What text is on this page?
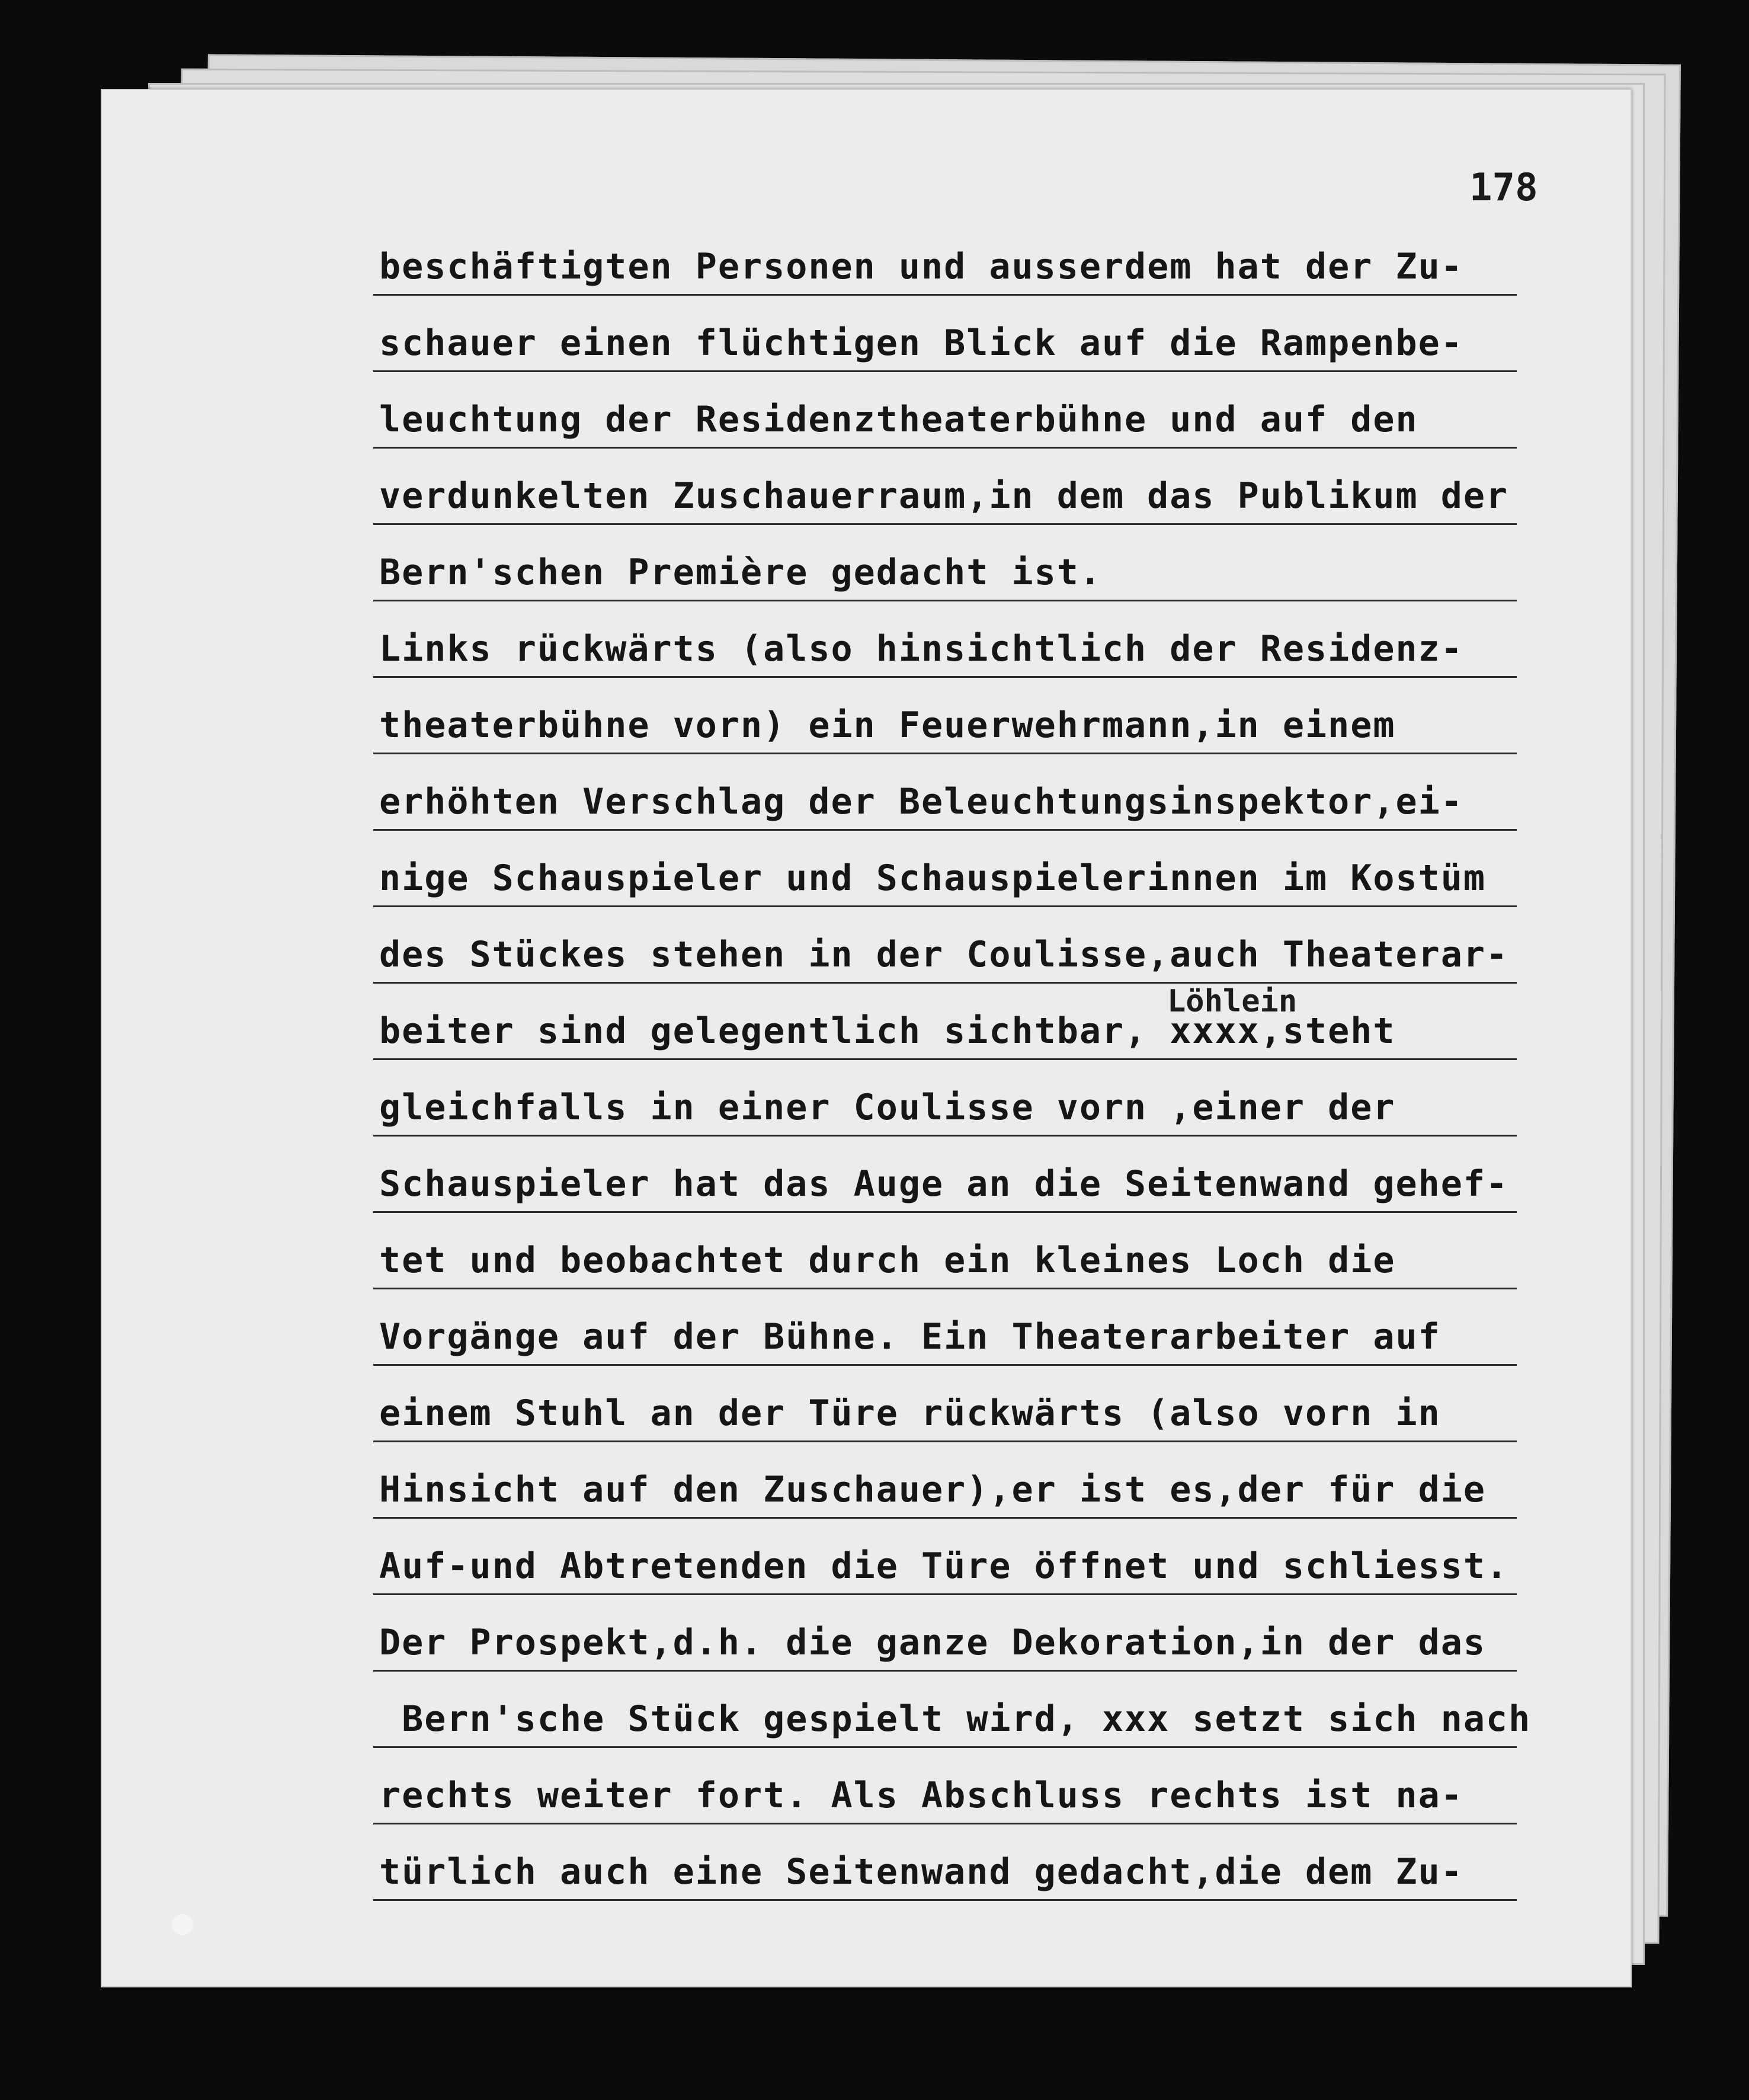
178
Löhlein
beschäftigten Personen und ausserdem hat der Zu-
schauer einen flüchtigen Blick auf die Rampenbe-
leuchtung der Residenztheaterbühne und auf den
verdunkelten Zuschauerraum,in dem das Publikum der
Bern'schen Première gedacht ist.
Links rückwärts (also hinsichtlich der Residenz-
theaterbühne vorn) ein Feuerwehrmann,in einem
erhöhten Verschlag der Beleuchtungsinspektor,ei-
nige Schauspieler und Schauspielerinnen im Kostüm
des Stückes stehen in der Coulisse,auch Theaterar-
beiter sind gelegentlich sichtbar, xxxx,steht
gleichfalls in einer Coulisse vorn ,einer der
Schauspieler hat das Auge an die Seitenwand gehef-
tet und beobachtet durch ein kleines Loch die
Vorgänge auf der Bühne. Ein Theaterarbeiter auf
einem Stuhl an der Türe rückwärts (also vorn in
Hinsicht auf den Zuschauer),er ist es,der für die
Auf-und Abtretenden die Türe öffnet und schliesst.
Der Prospekt,d.h. die ganze Dekoration,in der das
Bern'sche Stück gespielt wird, xxx setzt sich nach
rechts weiter fort. Als Abschluss rechts ist na-
türlich auch eine Seitenwand gedacht,die dem Zu-
